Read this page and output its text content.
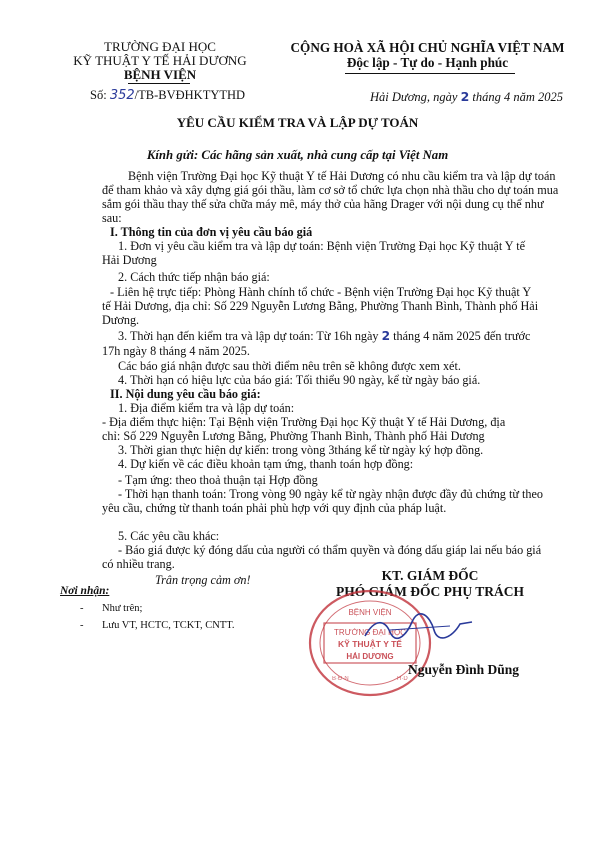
TRƯỜNG ĐẠI HỌC
KỸ THUẬT Y TẾ HẢI DƯƠNG
BỆNH VIỆN
Số: 352/TB-BVĐHKTYTHD
CỘNG HOÀ XÃ HỘI CHỦ NGHĨA VIỆT NAM
Độc lập - Tự do - Hạnh phúc
Hải Dương, ngày 2 tháng 4 năm 2025
YÊU CẦU KIỂM TRA VÀ LẬP DỰ TOÁN
Kính gửi: Các hãng sản xuất, nhà cung cấp tại Việt Nam
Bệnh viện Trường Đại học Kỹ thuật Y tế Hải Dương có nhu cầu kiểm tra và lập dự toán
để tham khảo và xây dựng giá gói thầu, làm cơ sở tổ chức lựa chọn nhà thầu cho dự toán mua
sắm gói thầu thay thế sửa chữa máy mê, máy thở của hãng Drager với nội dung cụ thể như
sau:
I. Thông tin của đơn vị yêu cầu báo giá
1. Đơn vị yêu cầu kiểm tra và lập dự toán: Bệnh viện Trường Đại học Kỹ thuật Y tế
Hải Dương
2. Cách thức tiếp nhận báo giá:
- Liên hệ trực tiếp: Phòng Hành chính tổ chức - Bệnh viện Trường Đại học Kỹ thuật Y
tế Hải Dương, địa chỉ: Số 229 Nguyễn Lương Bằng, Phường Thanh Bình, Thành phố Hải
Dương.
3. Thời hạn đến kiểm tra và lập dự toán: Từ 16h ngày 2 tháng 4 năm 2025 đến trước
17h ngày 8 tháng 4 năm 2025.
Các báo giá nhận được sau thời điểm nêu trên sẽ không được xem xét.
4. Thời hạn có hiệu lực của báo giá: Tối thiểu 90 ngày, kể từ ngày báo giá.
II. Nội dung yêu cầu báo giá:
1. Địa điểm kiểm tra và lập dự toán:
- Địa điểm thực hiện: Tại Bệnh viện Trường Đại học Kỹ thuật Y tế Hải Dương, địa
chỉ: Số 229 Nguyễn Lương Bằng, Phường Thanh Bình, Thành phố Hải Dương
3. Thời gian thực hiện dự kiến: trong vòng 3tháng kể từ ngày ký hợp đồng.
4. Dự kiến về các điều khoản tạm ứng, thanh toán hợp đồng:
- Tạm ứng: theo thoả thuận tại Hợp đồng
- Thời hạn thanh toán: Trong vòng 90 ngày kể từ ngày nhận được đầy đủ chứng từ theo
yêu cầu, chứng từ thanh toán phải phù hợp với quy định của pháp luật.
5. Các yêu cầu khác:
- Báo giá được ký đóng dấu của người có thẩm quyền và đóng dấu giáp lai nếu báo giá
có nhiều trang.
Trân trọng cảm ơn!
Nơi nhận:
- Như trên;
- Lưu VT, HCTC, TCKT, CNTT.
KT. GIÁM ĐỐC
PHÓ GIÁM ĐỐC PHỤ TRÁCH
BỆNH VIỆN
TRƯỜNG ĐẠI HỌC
KỸ THUẬT Y TẾ
HẢI DƯƠNG
B·Đ·N	H·D
Nguyễn Đình Dũng
